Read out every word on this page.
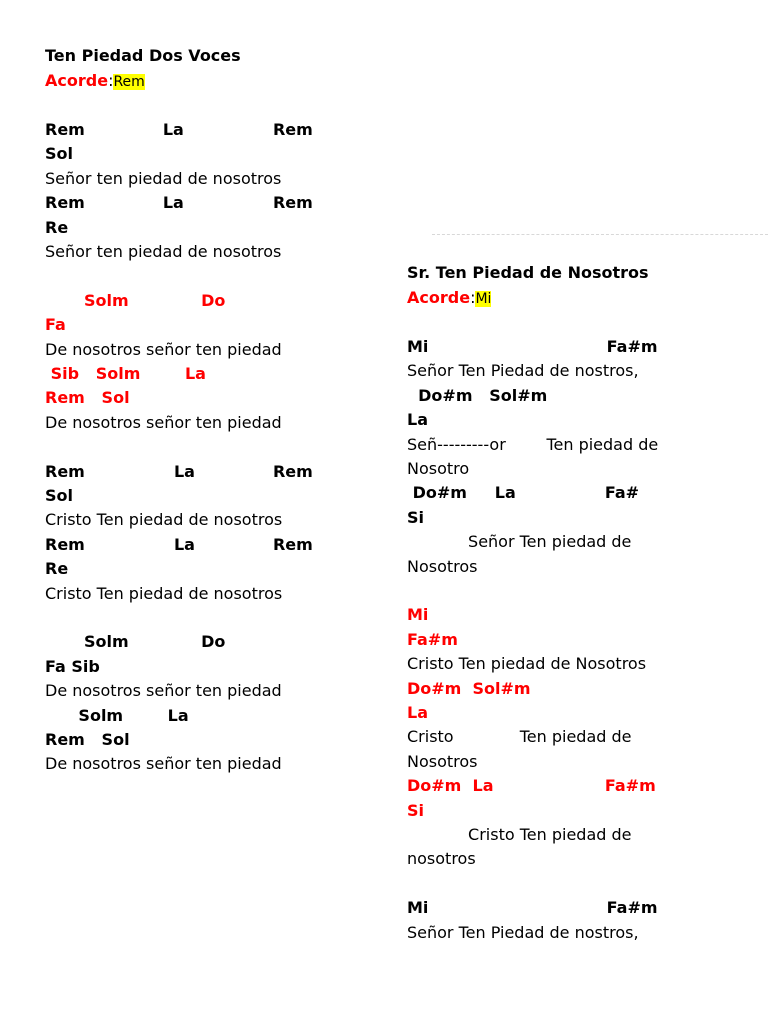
Ten Piedad Dos Voces
Acorde:Rem
Rem              La                Rem
Sol
Señor ten piedad de nosotros
Rem              La                Rem
Re
Señor ten piedad de nosotros
Solm             Do
Fa
De nosotros señor ten piedad
Sib   Solm        La
Rem   Sol
De nosotros señor ten piedad
Rem                La              Rem
Sol
Cristo Ten piedad de nosotros
Rem                La              Rem
Re
Cristo Ten piedad de nosotros
Solm             Do
Fa Sib
De nosotros señor ten piedad
Solm        La
Rem   Sol
De nosotros señor ten piedad
Sr. Ten Piedad de Nosotros
Acorde:Mi
Mi                                Fa#m
Señor Ten Piedad de nostros,
Do#m   Sol#m
La
Señ---------or        Ten piedad de
Nosotro
Do#m     La                Fa#
Si
Señor Ten piedad de
Nosotros
Mi
Fa#m
Cristo Ten piedad de Nosotros
Do#m  Sol#m
La
Cristo             Ten piedad de
Nosotros
Do#m  La                    Fa#m
Si
Cristo Ten piedad de
nosotros
Mi                                Fa#m
Señor Ten Piedad de nostros,
